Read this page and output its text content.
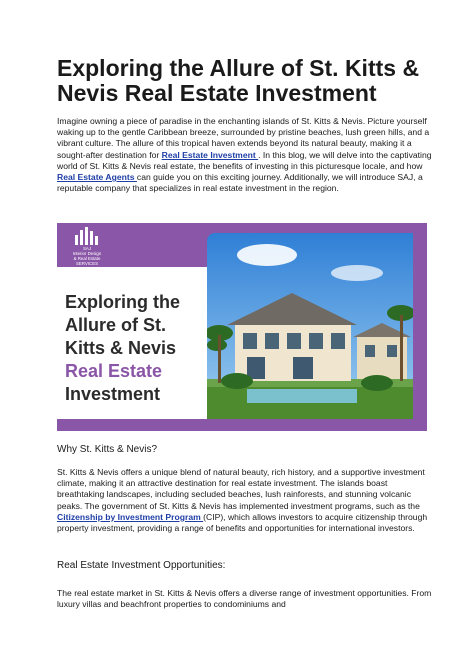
Exploring the Allure of St. Kitts & Nevis Real Estate Investment

Imagine owning a piece of paradise in the enchanting islands of St. Kitts & Nevis. Picture yourself waking up to the gentle Caribbean breeze, surrounded by pristine beaches, lush green hills, and a vibrant culture. The allure of this tropical haven extends beyond its natural beauty, making it a sought-after destination for Real Estate Investment . In this blog, we will delve into the captivating world of St. Kitts & Nevis real estate, the benefits of investing in this picturesque locale, and how Real Estate Agents can guide you on this exciting journey. Additionally, we will introduce SAJ, a reputable company that specializes in real estate investment in the region.

SAJ
Interior Design
& Real Estate
SERVICES
Exploring the
Allure of St.
Kitts & Nevis
Real Estate
Investment
Why St. Kitts & Nevis?

St. Kitts & Nevis offers a unique blend of natural beauty, rich history, and a supportive investment climate, making it an attractive destination for real estate investment. The islands boast breathtaking landscapes, including secluded beaches, lush rainforests, and stunning volcanic peaks. The government of St. Kitts & Nevis has implemented investment programs, such as the Citizenship by Investment Program (CIP), which allows investors to acquire citizenship through property investment, providing a range of benefits and opportunities for international investors.

Real Estate Investment Opportunities:

The real estate market in St. Kitts & Nevis offers a diverse range of investment opportunities. From luxury villas and beachfront properties to condominiums and
